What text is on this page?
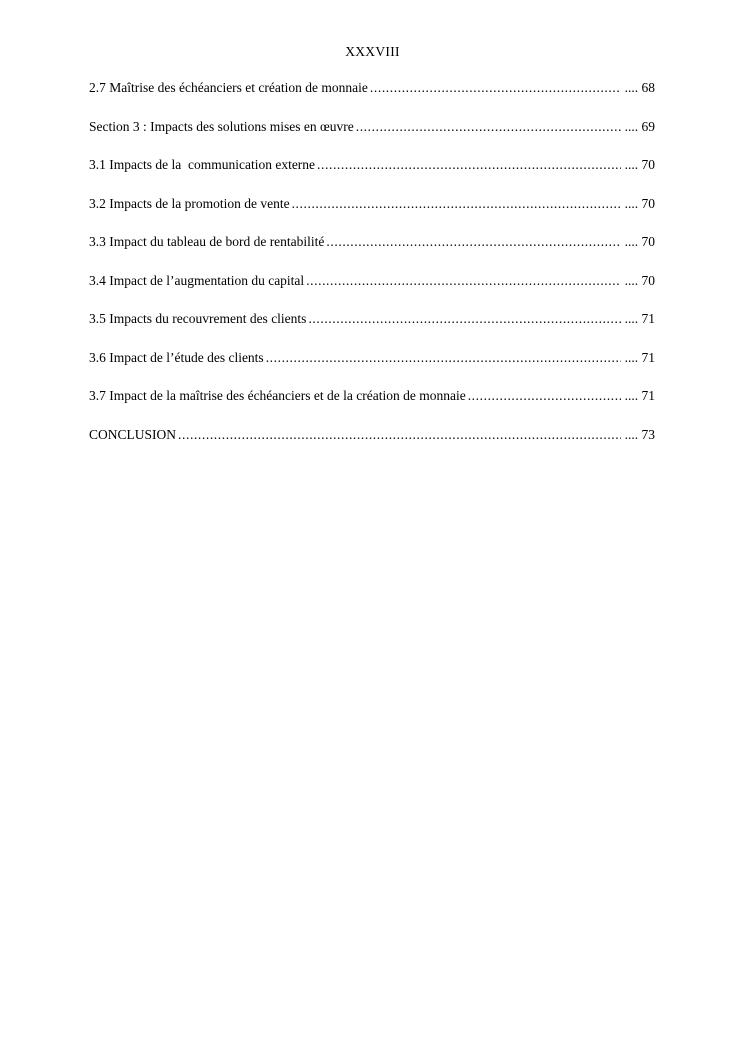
XXXVIII
2.7 Maîtrise des échéanciers et création de monnaie .....	.... 68
Section 3 : Impacts des solutions mises en œuvre .....	.... 69
3.1 Impacts de la  communication externe .....	.... 70
3.2 Impacts de la promotion de vente .....	.... 70
3.3 Impact du tableau de bord de rentabilité .....	.... 70
3.4 Impact de l’augmentation du capital .....	.... 70
3.5 Impacts du recouvrement des clients .....	.... 71
3.6 Impact de l’étude des clients .....	.... 71
3.7 Impact de la maîtrise des échéanciers et de la création de monnaie .....	.... 71
CONCLUSION .....	.... 73
